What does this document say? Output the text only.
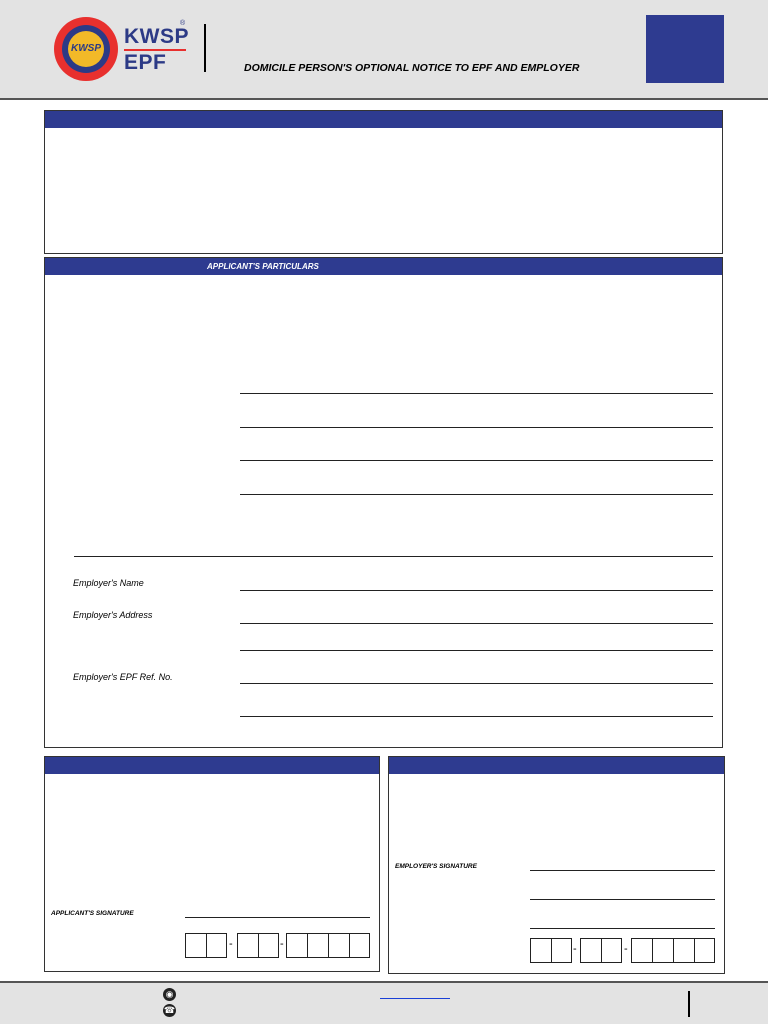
KWSP
KWSP
®
EPF	DOMICILE PERSON'S OPTIONAL NOTICE TO EPF AND EMPLOYER
APPLICANT'S PARTICULARS
Employer's Name
Employer's Address
Employer's EPF Ref. No.
APPLICANT'S SIGNATURE
-	-
EMPLOYER'S SIGNATURE
-	-
◉
☎
